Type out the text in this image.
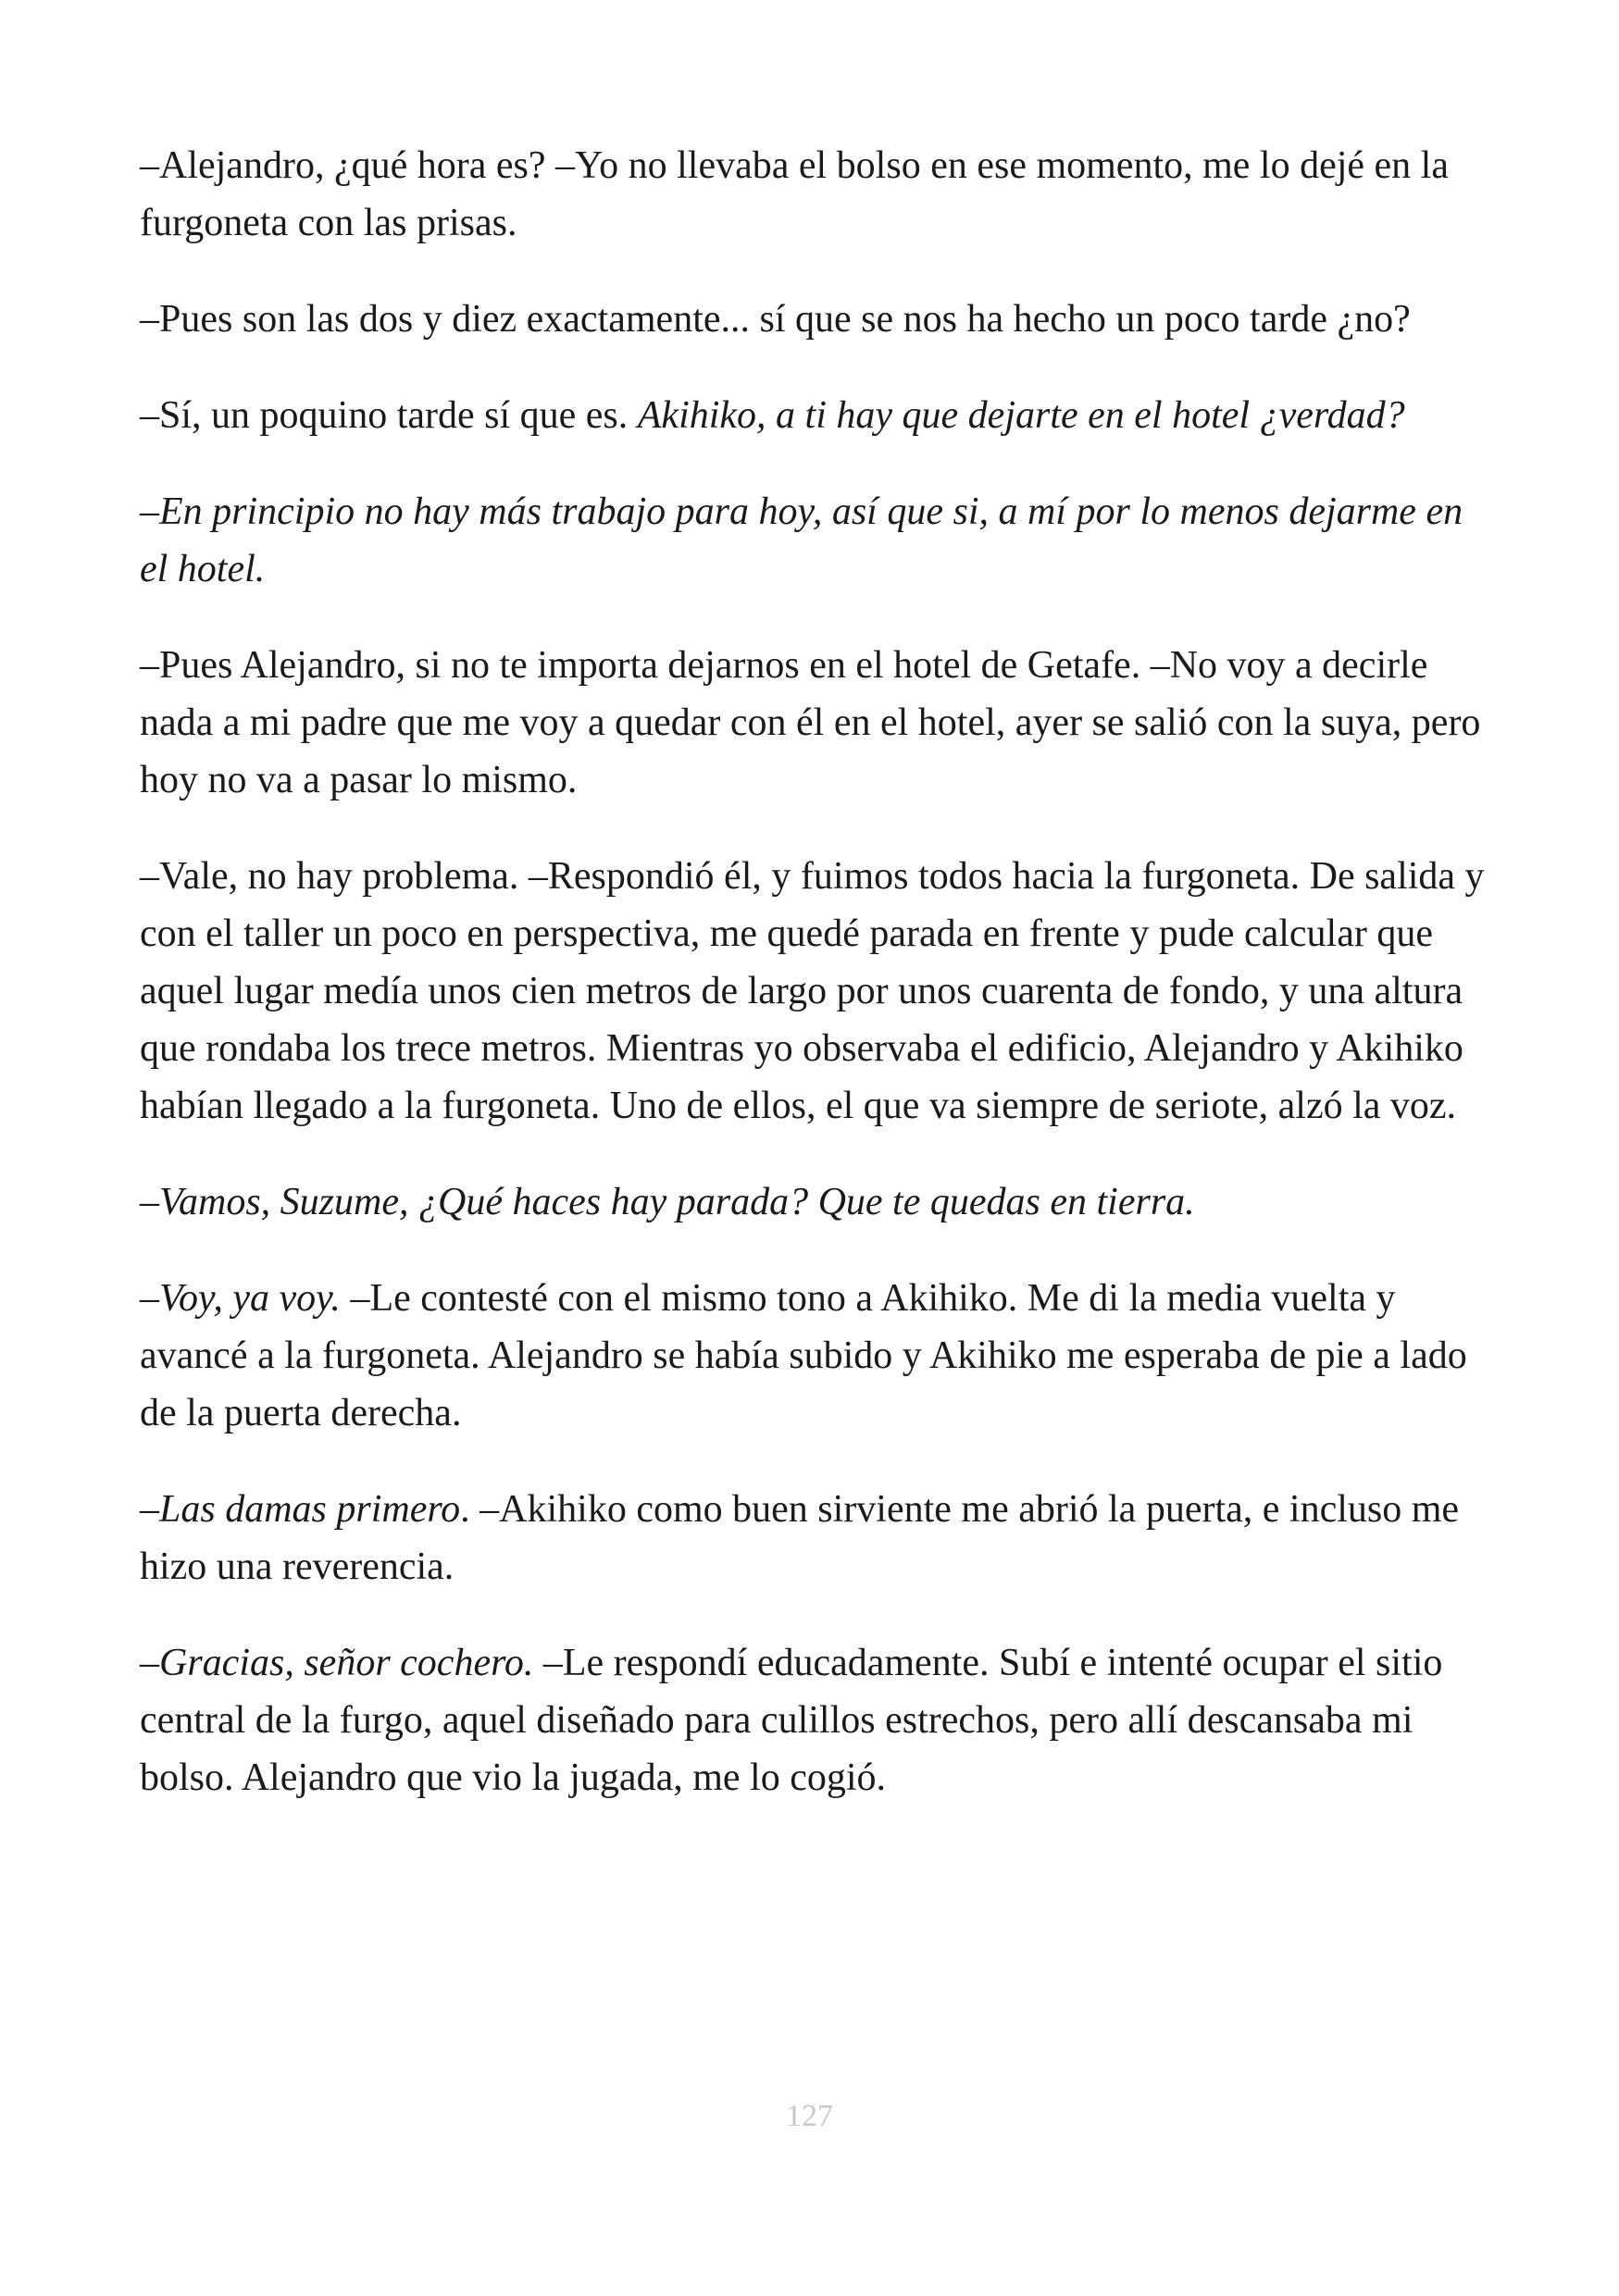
–Alejandro, ¿qué hora es? –Yo no llevaba el bolso en ese momento, me lo dejé en la furgoneta con las prisas.

–Pues son las dos y diez exactamente... sí que se nos ha hecho un poco tarde ¿no?

–Sí, un poquino tarde sí que es. Akihiko, a ti hay que dejarte en el hotel ¿verdad?

–En principio no hay más trabajo para hoy, así que si, a mí por lo menos dejarme en el hotel.

–Pues Alejandro, si no te importa dejarnos en el hotel de Getafe. –No voy a decirle nada a mi padre que me voy a quedar con él en el hotel, ayer se salió con la suya, pero hoy no va a pasar lo mismo.

–Vale, no hay problema. –Respondió él, y fuimos todos hacia la furgoneta. De salida y con el taller un poco en perspectiva, me quedé parada en frente y pude calcular que aquel lugar medía unos cien metros de largo por unos cuarenta de fondo, y una altura que rondaba los trece metros. Mientras yo observaba el edificio, Alejandro y Akihiko habían llegado a la furgoneta. Uno de ellos, el que va siempre de seriote, alzó la voz.

–Vamos, Suzume, ¿Qué haces hay parada? Que te quedas en tierra.

–Voy, ya voy. –Le contesté con el mismo tono a Akihiko. Me di la media vuelta y avancé a la furgoneta. Alejandro se había subido y Akihiko me esperaba de pie a lado de la puerta derecha.

–Las damas primero. –Akihiko como buen sirviente me abrió la puerta, e incluso me hizo una reverencia.

–Gracias, señor cochero. –Le respondí educadamente. Subí e intenté ocupar el sitio central de la furgo, aquel diseñado para culillos estrechos, pero allí descansaba mi bolso. Alejandro que vio la jugada, me lo cogió.

127
